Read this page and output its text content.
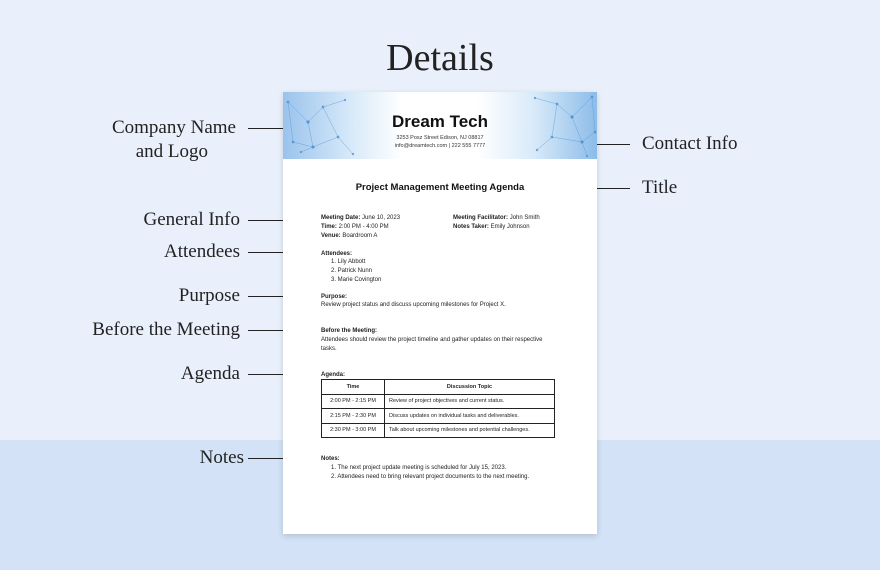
Details
Company Name
and Logo
General Info
Attendees
Purpose
Before the Meeting
Agenda
Notes
Contact Info
Title
Dream Tech
3253 Posz Street Edison, NJ 08817
info@dreamtech.com | 222 555 7777
Project Management Meeting Agenda
Meeting Date: June 10, 2023
Time: 2:00 PM - 4:00 PM
Venue: Boardroom A
Meeting Facilitator: John Smith
Notes Taker: Emily Johnson
Attendees:
1. Lily Abbott
2. Patrick Nunn
3. Marie Covington
Purpose:
Review project status and discuss upcoming milestones for Project X.
Before the Meeting:
Attendees should review the project timeline and gather updates on their respective
tasks.
Agenda:
Time	Discussion Topic
2:00 PM - 2:15 PM	Review of project objectives and current status.
2:15 PM - 2:30 PM	Discuss updates on individual tasks and deliverables.
2:30 PM - 3:00 PM	Talk about upcoming milestones and potential challenges.
Notes:
1. The next project update meeting is scheduled for July 15, 2023.
2. Attendees need to bring relevant project documents to the next meeting.
